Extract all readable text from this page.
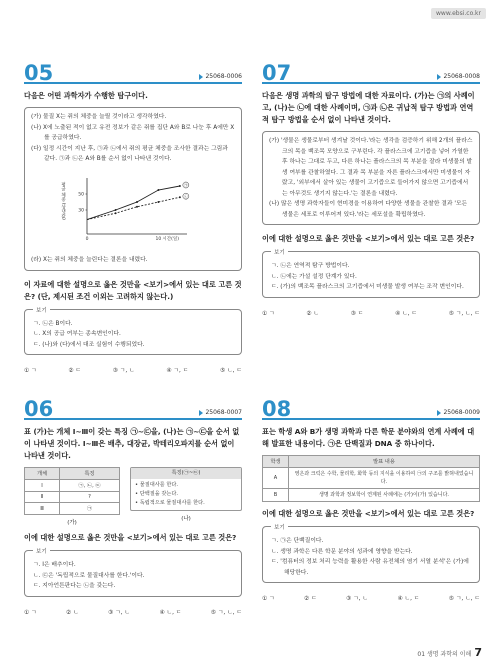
www.ebsi.co.kr
05	25068-0006
다음은 어떤 과학자가 수행한 탐구이다.

(가) 물질 X는 쥐의 체중을 늘릴 것이라고 생각하였다.

(나) X에 노출된 적이 없고 유전 정보가 같은 쥐를 집단 A와 B로 나눈 후 A에만 X를 공급하였다.

(다) 일정 시간이 지난 후, ㉠과 ㉡에서 쥐의 평균 체중을 조사한 결과는 그림과 같다. ㉠과 ㉡은 A와 B를 순서 없이 나타낸 것이다.

평균 체중 (상댓값)	30
50
0	10 시간(일)
㉠
㉡

(라) X는 쥐의 체중을 늘린다는 결론을 내렸다.

이 자료에 대한 설명으로 옳은 것만을 <보기>에서 있는 대로 고른 것은? (단, 제시된 조건 이외는 고려하지 않는다.)
보기

ㄱ. ㉡은 B이다.

ㄴ. X의 공급 여부는 종속변인이다.

ㄷ. (나)와 (다)에서 대조 실험이 수행되었다.

① ㄱ	② ㄷ	③ ㄱ, ㄴ	④ ㄱ, ㄷ	⑤ ㄴ, ㄷ
07	25068-0008
다음은 생명 과학의 탐구 방법에 대한 자료이다. (가)는 ㉠의 사례이고, (나)는 ㉡에 대한 사례이며, ㉠과 ㉡은 귀납적 탐구 방법과 연역적 탐구 방법을 순서 없이 나타낸 것이다.

(가) '생물은 생물로부터 생겨날 것이다.'라는 생각을 검증하기 위해 2개의 플라스크의 목을 백조목 모양으로 구부린다. 각 플라스크에 고기즙을 넣어 가열한 후 하나는 그대로 두고, 다른 하나는 플라스크의 목 부분을 잘라 미생물의 발생 여부를 관찰하였다. 그 결과 목 부분을 자른 플라스크에서만 미생물이 자랐고, '외부에서 살아 있는 생물이 고기즙으로 들어가지 않으면 고기즙에서는 아무것도 생기지 않는다.'는 결론을 내렸다.

(나) 많은 생명 과학자들이 현미경을 이용하여 다양한 생물을 관찰한 결과 '모든 생물은 세포로 이루어져 있다.'라는 세포설을 확립하였다.

이에 대한 설명으로 옳은 것만을 <보기>에서 있는 대로 고른 것은?
보기

ㄱ. ㉡은 연역적 탐구 방법이다.

ㄴ. ㉡에는 가설 설정 단계가 있다.

ㄷ. (가)의 백조목 플라스크의 고기즙에서 미생물 발생 여부는 조작 변인이다.

① ㄱ	② ㄴ	③ ㄷ	④ ㄴ, ㄷ	⑤ ㄱ, ㄴ, ㄷ
06	25068-0007
표 (가)는 개체 Ⅰ~Ⅲ이 갖는 특징 ㉠~㉢을, (나)는 ㉠~㉢을 순서 없이 나타낸 것이다. Ⅰ~Ⅲ은 배추, 대장균, 박테리오파지를 순서 없이 나타낸 것이다.
개체	특징
Ⅰ	㉠, ㉡, ㉢
Ⅱ	?
Ⅲ	㉠
(가)
특징(㉠~㉢)
• 물질대사를 한다.
• 단백질을 갖는다.
• 독립적으로 물질대사를 한다.
(나)
이에 대한 설명으로 옳은 것만을 <보기>에서 있는 대로 고른 것은?
보기

ㄱ. Ⅰ은 배추이다.

ㄴ. ㉢은 '독립적으로 물질대사를 한다.'이다.

ㄷ. 지아언튼판다는 ㉡을 갖는다.

① ㄱ	② ㄴ	③ ㄱ, ㄴ	④ ㄴ, ㄷ	⑤ ㄱ, ㄴ, ㄷ
08	25068-0009
표는 학생 A와 B가 생명 과학과 다른 학문 분야와의 연계 사례에 대해 발표한 내용이다. ㉠은 단백질과 DNA 중 하나이다.
학생	발표 내용
A	영은과 크릭은 수학, 물리학, 화학 등의 지식을 이용하여 ㉠의 구조를 밝혀내었습니다.
B	생명 과학과 정보학이 연계된 사례에는 (가)이(가) 있습니다.
이에 대한 설명으로 옳은 것만을 <보기>에서 있는 대로 고른 것은?
보기

ㄱ. ㉠은 단백질이다.

ㄴ. 생명 과학은 다른 학문 분야의 성과에 영향을 받는다.

ㄷ. '컴퓨터의 정보 처리 능력을 활용한 사람 유전체의 염기 서열 분석'은 (가)에 해당한다.

① ㄱ	② ㄷ	③ ㄱ, ㄴ	④ ㄴ, ㄷ	⑤ ㄱ, ㄴ, ㄷ
01 생명 과학의 이해 7
